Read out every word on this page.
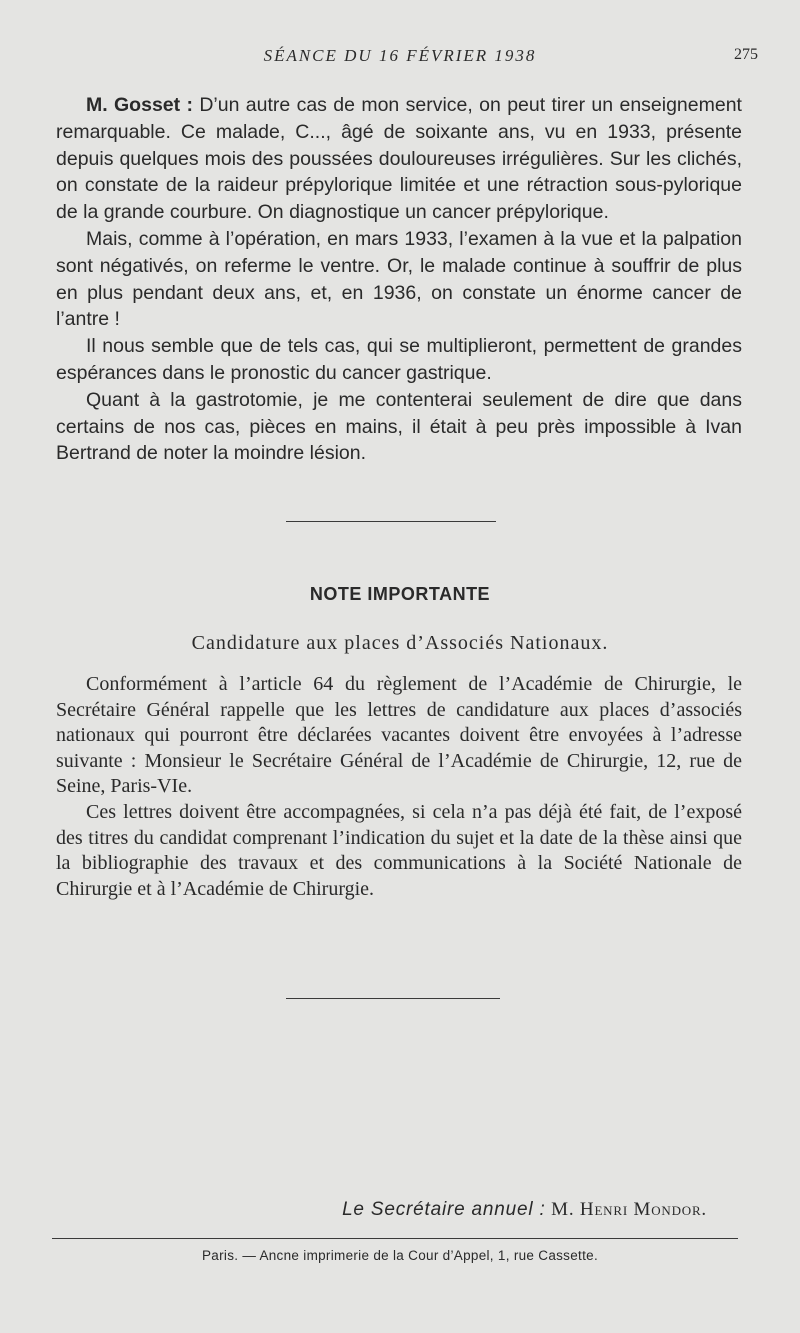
SÉANCE DU 16 FÉVRIER 1938	275

M. Gosset : D’un autre cas de mon service, on peut tirer un enseignement remarquable. Ce malade, C..., âgé de soixante ans, vu en 1933, présente depuis quelques mois des poussées douloureuses irrégulières. Sur les clichés, on constate de la raideur prépylorique limitée et une rétraction sous-pylorique de la grande courbure. On diagnostique un cancer prépylorique.

Mais, comme à l’opération, en mars 1933, l’examen à la vue et la palpation sont négativés, on referme le ventre. Or, le malade continue à souffrir de plus en plus pendant deux ans, et, en 1936, on constate un énorme cancer de l’antre !

Il nous semble que de tels cas, qui se multiplieront, permettent de grandes espérances dans le pronostic du cancer gastrique.

Quant à la gastrotomie, je me contenterai seulement de dire que dans certains de nos cas, pièces en mains, il était à peu près impossible à Ivan Bertrand de noter la moindre lésion.

NOTE IMPORTANTE
Candidature aux places d’Associés Nationaux.

Conformément à l’article 64 du règlement de l’Académie de Chirurgie, le Secrétaire Général rappelle que les lettres de candidature aux places d’associés nationaux qui pourront être déclarées vacantes doivent être envoyées à l’adresse suivante : Monsieur le Secrétaire Général de l’Académie de Chirurgie, 12, rue de Seine, Paris-VIe.

Ces lettres doivent être accompagnées, si cela n’a pas déjà été fait, de l’exposé des titres du candidat comprenant l’indication du sujet et la date de la thèse ainsi que la bibliographie des travaux et des communications à la Société Nationale de Chirurgie et à l’Académie de Chirurgie.

Le Secrétaire annuel : M. Henri Mondor.
Paris. — Ancne imprimerie de la Cour d’Appel, 1, rue Cassette.
